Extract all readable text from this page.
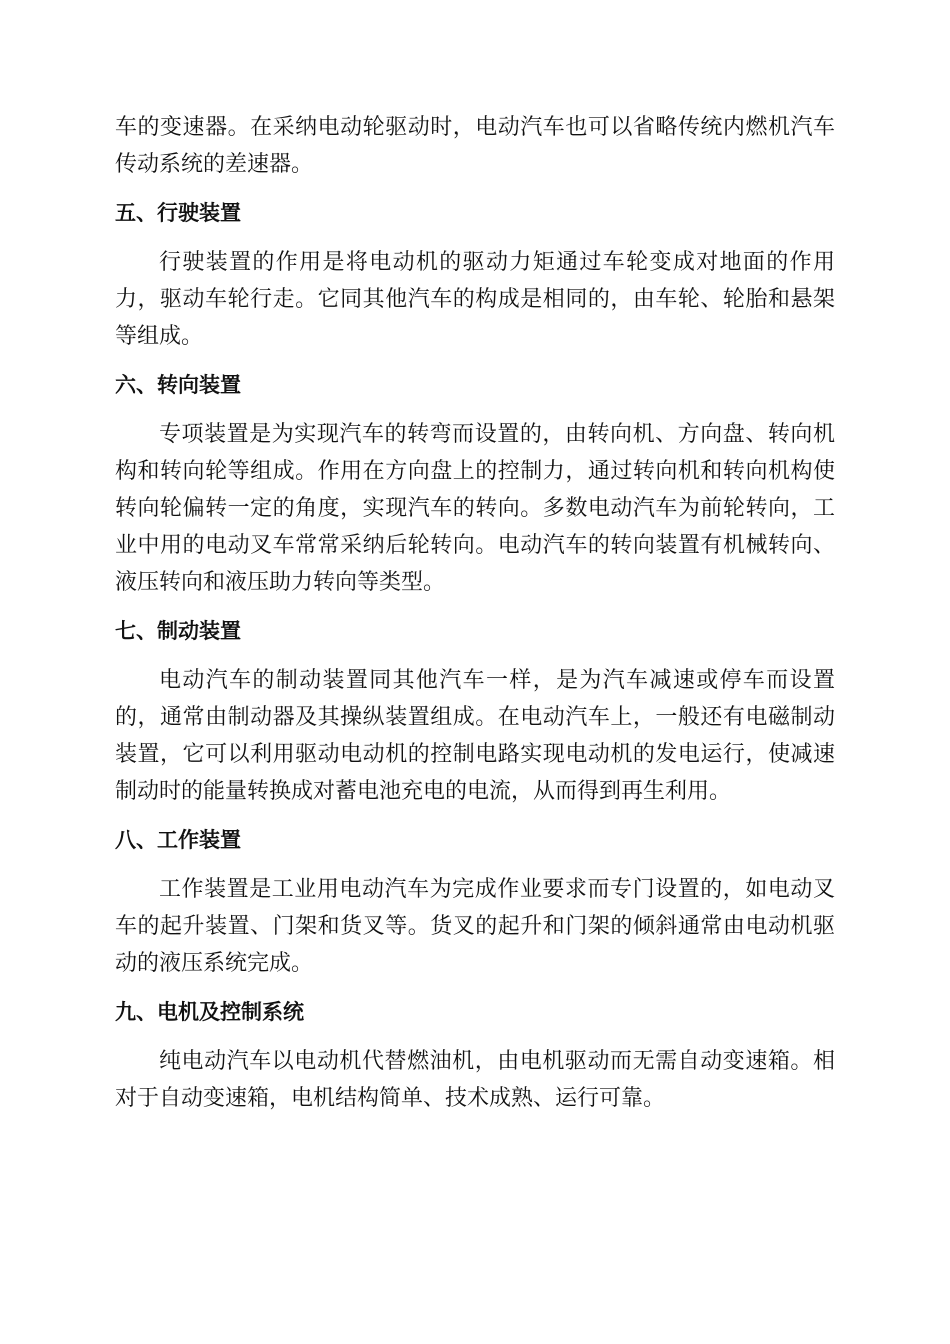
车的变速器。在采纳电动轮驱动时，电动汽车也可以省略传统内燃机汽车传动系统的差速器。

五、行驶装置

行驶装置的作用是将电动机的驱动力矩通过车轮变成对地面的作用力，驱动车轮行走。它同其他汽车的构成是相同的，由车轮、轮胎和悬架等组成。

六、转向装置

专项装置是为实现汽车的转弯而设置的，由转向机、方向盘、转向机构和转向轮等组成。作用在方向盘上的控制力，通过转向机和转向机构使转向轮偏转一定的角度，实现汽车的转向。多数电动汽车为前轮转向，工业中用的电动叉车常常采纳后轮转向。电动汽车的转向装置有机械转向、液压转向和液压助力转向等类型。

七、制动装置

电动汽车的制动装置同其他汽车一样，是为汽车减速或停车而设置的，通常由制动器及其操纵装置组成。在电动汽车上，一般还有电磁制动装置，它可以利用驱动电动机的控制电路实现电动机的发电运行，使减速制动时的能量转换成对蓄电池充电的电流，从而得到再生利用。

八、工作装置

工作装置是工业用电动汽车为完成作业要求而专门设置的，如电动叉车的起升装置、门架和货叉等。货叉的起升和门架的倾斜通常由电动机驱动的液压系统完成。

九、电机及控制系统

纯电动汽车以电动机代替燃油机，由电机驱动而无需自动变速箱。相对于自动变速箱，电机结构简单、技术成熟、运行可靠。
